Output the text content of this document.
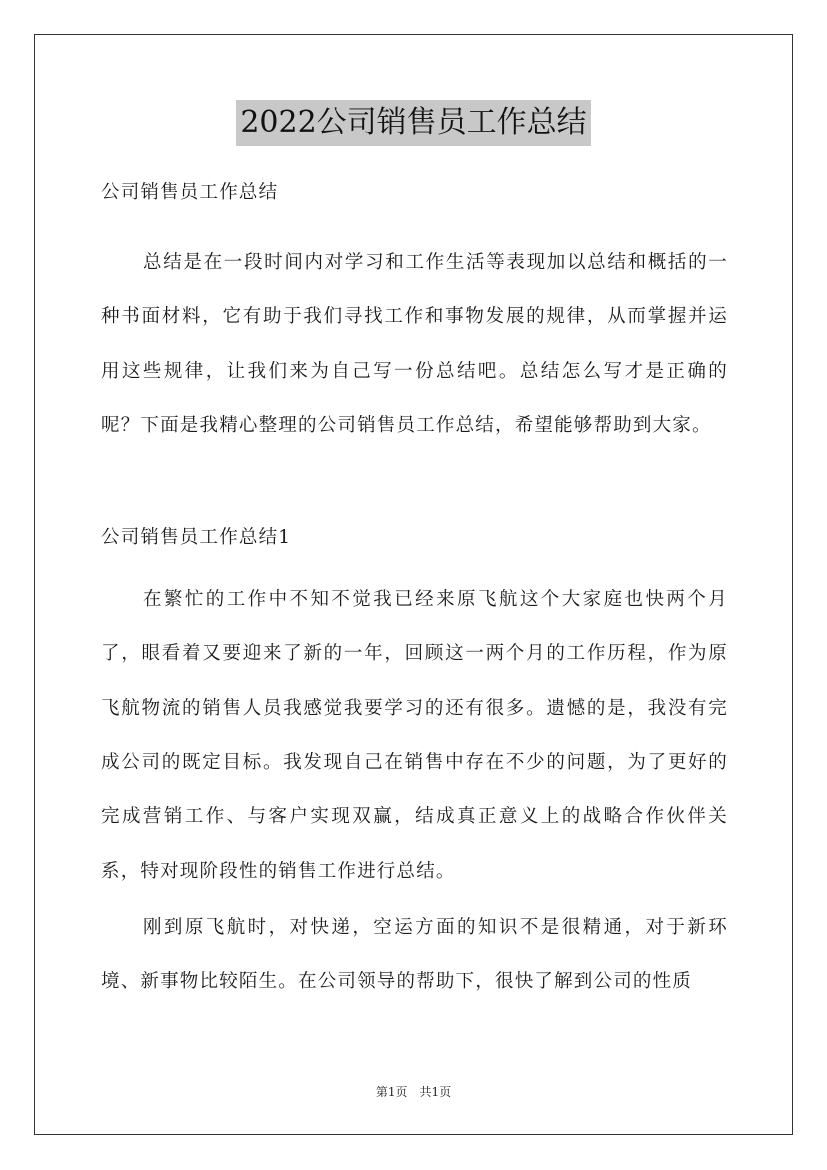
2022公司销售员工作总结
公司销售员工作总结

总结是在一段时间内对学习和工作生活等表现加以总结和概括的一种书面材料，它有助于我们寻找工作和事物发展的规律，从而掌握并运用这些规律，让我们来为自己写一份总结吧。总结怎么写才是正确的呢？下面是我精心整理的公司销售员工作总结，希望能够帮助到大家。

公司销售员工作总结1

在繁忙的工作中不知不觉我已经来原飞航这个大家庭也快两个月了，眼看着又要迎来了新的一年，回顾这一两个月的工作历程，作为原飞航物流的销售人员我感觉我要学习的还有很多。遗憾的是，我没有完成公司的既定目标。我发现自己在销售中存在不少的问题，为了更好的完成营销工作、与客户实现双赢，结成真正意义上的战略合作伙伴关系，特对现阶段性的销售工作进行总结。

刚到原飞航时，对快递，空运方面的知识不是很精通，对于新环境、新事物比较陌生。在公司领导的帮助下，很快了解到公司的性质

第1页 共1页
